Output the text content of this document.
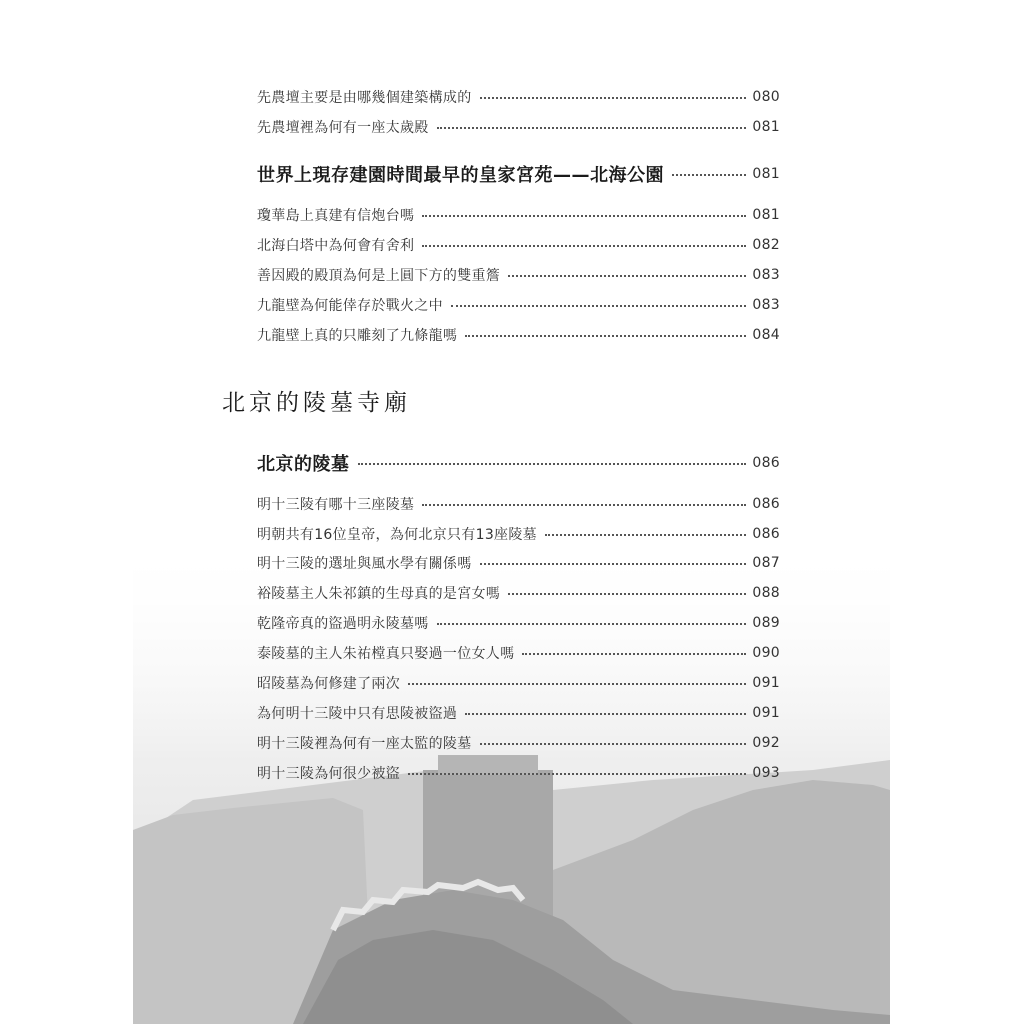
先農壇主要是由哪幾個建築構成的	080
先農壇裡為何有一座太歲殿	081
世界上現存建園時間最早的皇家宮苑——北海公園	081
瓊華島上真建有信炮台嗎	081
北海白塔中為何會有舍利	082
善因殿的殿頂為何是上圓下方的雙重簷	083
九龍壁為何能倖存於戰火之中	083
九龍壁上真的只雕刻了九條龍嗎	084
北京的陵墓寺廟
北京的陵墓	086
明十三陵有哪十三座陵墓	086
明朝共有16位皇帝，為何北京只有13座陵墓	086
明十三陵的選址與風水學有關係嗎	087
裕陵墓主人朱祁鎮的生母真的是宮女嗎	088
乾隆帝真的盜過明永陵墓嗎	089
泰陵墓的主人朱祐樘真只娶過一位女人嗎	090
昭陵墓為何修建了兩次	091
為何明十三陵中只有思陵被盜過	091
明十三陵裡為何有一座太監的陵墓	092
明十三陵為何很少被盜	093
